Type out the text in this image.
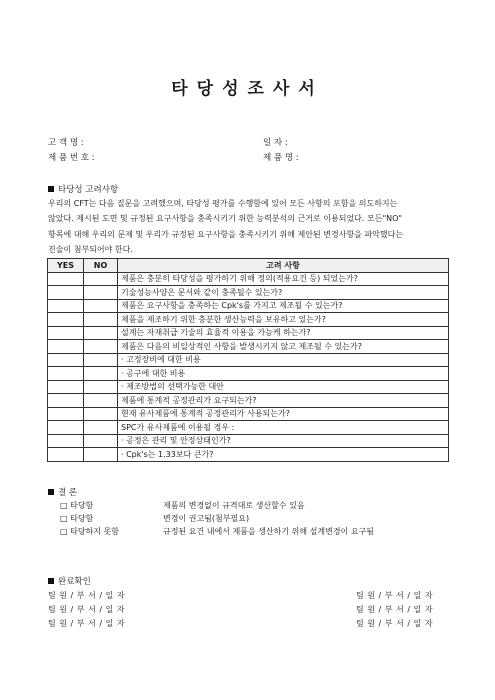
타당성조사서
고 객 명 :
제 품 번 호 :
일 자 :
제 품 명 :
타당성 고려사항
우리의 CFT는 다음 질문을 고려했으며, 타당성 평가를 수행함에 있어 모든 사항의 포함을 의도하지는
않았다. 제시된 도면 및 규정된 요구사항을 충족시키기 위한 능력분석의 근거로 이용되었다. 모든"NO"
항목에 대해 우리의 문제 및 우리가 규정된 요구사항을 충족시키기 위해 제안된 변경사항을 파악했다는
진술이 첨부되어야 한다.
YES	NO	고려 사항
		제품은 충분히 타당성을 평가하기 위해 정의(적용요건 등) 되었는가?
		기술성능사양은 문서와 같이 충족될수 있는가?
		제품은 요구사항을 충족하는 Cpk's를 가지고 제조될 수 있는가?
		제품을 제조하기 위한 충분한 생산능력을 보유하고 있는가?
		설계는 자재취급 기술의 효율적 이용을 가능케 하는가?
		제품은 다음의 비일상적인 사항을 발생시키지 않고 제조될 수 있는가?
		· 고정장비에 대한 비용
		· 공구에 대한 비용
		· 제조방법의 선택가능한 대안
		제품에 통계적 공정관리가 요구되는가?
		현재 유사제품에 통계적 공정관리가 사용되는가?
		SPC가 유사제품에 이용될 경우 :
		· 공정은 관리 및 안정상태인가?
		· Cpk's는 1.33보다 큰가?
결 론
□ 타당함	제품의 변경없이 규격대로 생산할수 있음
□ 타당함	변경이 권고됨(첨부필요)
□ 타당하지 못함	규정된 요건 내에서 제품을 생산하기 위해 설계변경이 요구됨
완료확인
팀 원 / 부 서 / 일 자
팀 원 / 부 서 / 일 자
팀 원 / 부 서 / 일 자
팀 원 / 부 서 / 일 자
팀 원 / 부 서 / 일 자
팀 원 / 부 서 / 일 자
